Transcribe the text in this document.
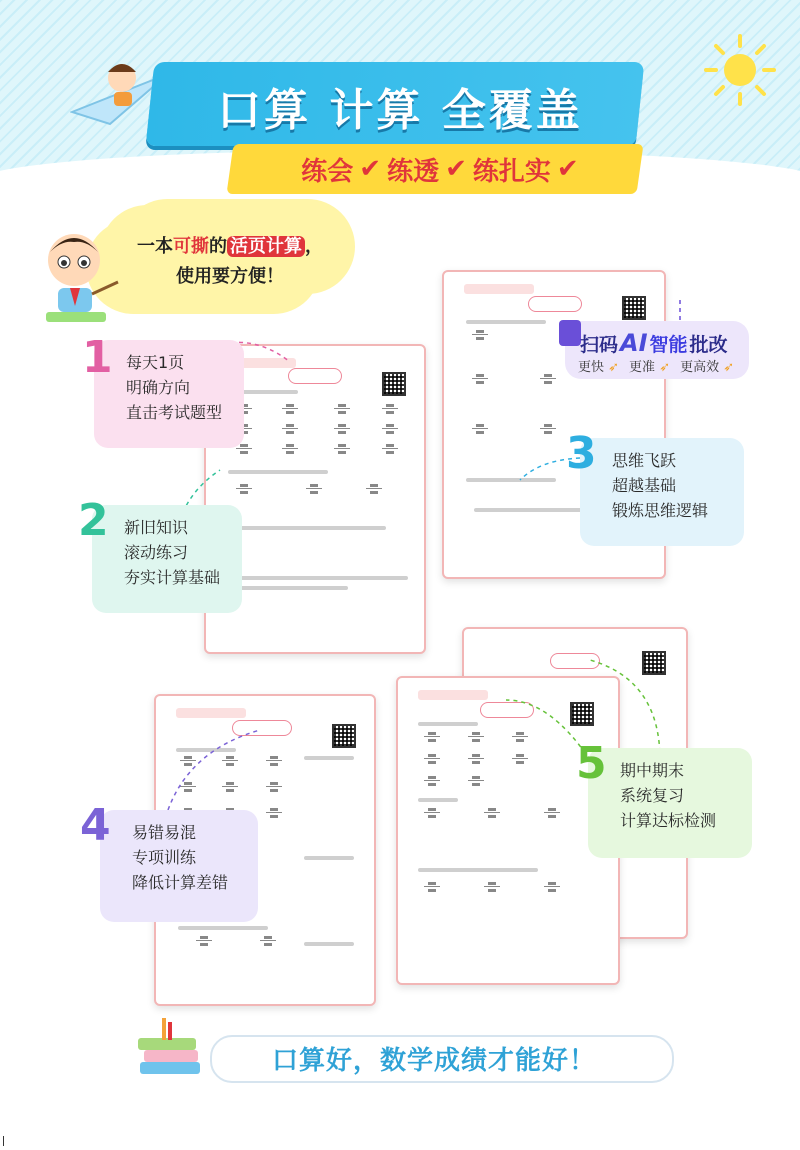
口算 计算 全覆盖
练会 ✔ 练透 ✔ 练扎实 ✔
一本可撕的 活页计算 ，
使用要方便！
扫码 AI 智能 批改
更快 ➶	更准 ➶	更高效 ➶
1 每天1页
明确方向
直击考试题型
2 新旧知识
滚动练习
夯实计算基础
3 思维飞跃
超越基础
锻炼思维逻辑
4 易错易混
专项训练
降低计算差错
5 期中期末
系统复习
计算达标检测
口算好，数学成绩才能好！
